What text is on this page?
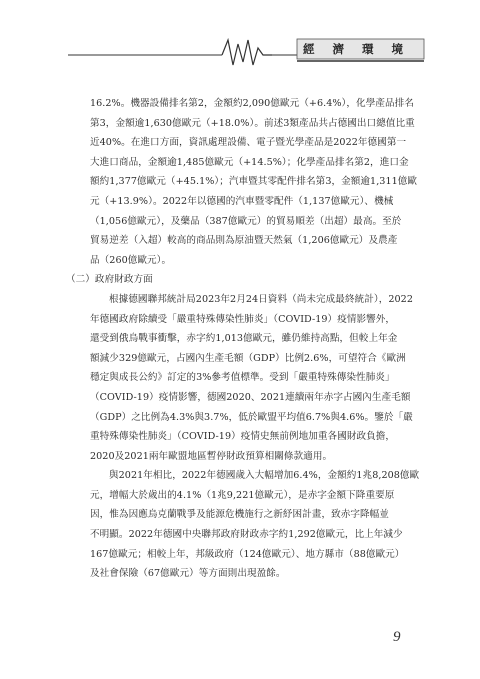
經 濟 環 境

16.2%。機器設備排名第2，金額約2,090億歐元（+6.4%），化學產品排名
第3，金額逾1,630億歐元（+18.0%）。前述3類產品共占德國出口總值比重
近40%。在進口方面，資訊處理設備、電子暨光學產品是2022年德國第一
大進口商品，金額逾1,485億歐元（+14.5%）；化學產品排名第2，進口金
額約1,377億歐元（+45.1%）；汽車暨其零配件排名第3，金額逾1,311億歐
元（+13.9%）。2022年以德國的汽車暨零配件（1,137億歐元）、機械
（1,056億歐元），及藥品（387億歐元）的貿易順差（出超）最高。至於
貿易逆差（入超）較高的商品則為原油暨天然氣（1,206億歐元）及農產
品（260億歐元）。

（二）政府財政方面

根據德國聯邦統計局2023年2月24日資料（尚未完成最終統計），2022
年德國政府除續受「嚴重特殊傳染性肺炎」（COVID-19）疫情影響外，
還受到俄烏戰事衝擊，赤字約1,013億歐元，雖仍維持高點，但較上年金
額減少329億歐元，占國內生產毛額（GDP）比例2.6%，可望符合《歐洲
穩定與成長公約》訂定的3%參考值標準。受到「嚴重特殊傳染性肺炎」
（COVID-19）疫情影響，德國2020、2021連續兩年赤字占國內生產毛額
（GDP）之比例為4.3%與3.7%，低於歐盟平均值6.7%與4.6%。鑒於「嚴
重特殊傳染性肺炎」（COVID-19）疫情史無前例地加重各國財政負擔，
2020及2021兩年歐盟地區暫停財政預算相關條款適用。

與2021年相比，2022年德國歲入大幅增加6.4%，金額約1兆8,208億歐
元，增幅大於歲出的4.1%（1兆9,221億歐元），是赤字金額下降重要原
因，惟為因應烏克蘭戰爭及能源危機施行之新紓困計畫，致赤字降幅並
不明顯。2022年德國中央聯邦政府財政赤字約1,292億歐元，比上年減少
167億歐元；相較上年，邦級政府（124億歐元）、地方縣市（88億歐元）
及社會保險（67億歐元）等方面則出現盈餘。

9
